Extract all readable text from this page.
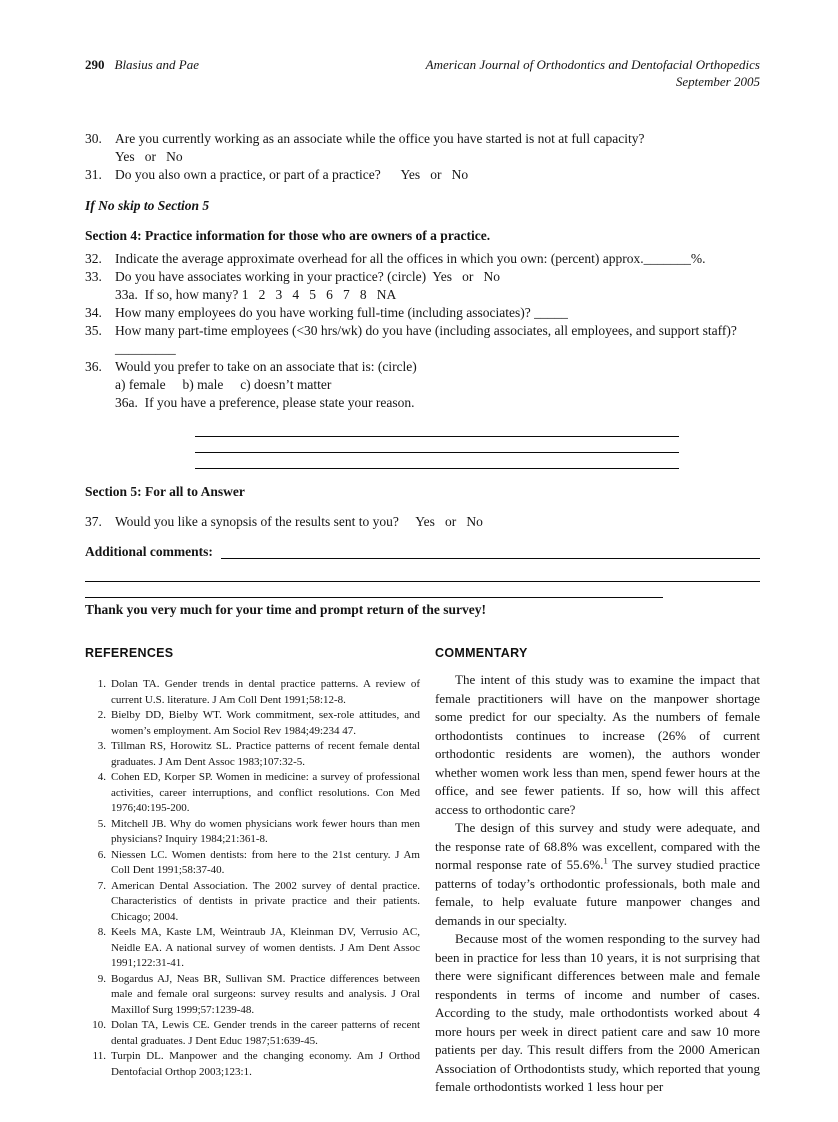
290 Blasius and Pae	American Journal of Orthodontics and Dentofacial Orthopedics
September 2005
30. Are you currently working as an associate while the office you have started is not at full capacity?
Yes   or   No
31. Do you also own a practice, or part of a practice?      Yes   or   No
If No skip to Section 5
Section 4: Practice information for those who are owners of a practice.
32. Indicate the average approximate overhead for all the offices in which you own: (percent) approx._______%.
33. Do you have associates working in your practice? (circle)  Yes   or   No
33a.  If so, how many? 1   2   3   4   5   6   7   8   NA
34. How many employees do you have working full-time (including associates)? _____
35. How many part-time employees (<30 hrs/wk) do you have (including associates, all employees, and support staff)? _________
36. Would you prefer to take on an associate that is: (circle)
a) female     b) male     c) doesn’t matter
36a.  If you have a preference, please state your reason.
Section 5: For all to Answer
37. Would you like a synopsis of the results sent to you?     Yes   or   No
Additional comments:
Thank you very much for your time and prompt return of the survey!
REFERENCES
1. Dolan TA. Gender trends in dental practice patterns. A review of current U.S. literature. J Am Coll Dent 1991;58:12-8.
2. Bielby DD, Bielby WT. Work commitment, sex-role attitudes, and women’s employment. Am Sociol Rev 1984;49:234 47.
3. Tillman RS, Horowitz SL. Practice patterns of recent female dental graduates. J Am Dent Assoc 1983;107:32-5.
4. Cohen ED, Korper SP. Women in medicine: a survey of professional activities, career interruptions, and conflict resolutions. Con Med 1976;40:195-200.
5. Mitchell JB. Why do women physicians work fewer hours than men physicians? Inquiry 1984;21:361-8.
6. Niessen LC. Women dentists: from here to the 21st century. J Am Coll Dent 1991;58:37-40.
7. American Dental Association. The 2002 survey of dental practice. Characteristics of dentists in private practice and their patients. Chicago; 2004.
8. Keels MA, Kaste LM, Weintraub JA, Kleinman DV, Verrusio AC, Neidle EA. A national survey of women dentists. J Am Dent Assoc 1991;122:31-41.
9. Bogardus AJ, Neas BR, Sullivan SM. Practice differences between male and female oral surgeons: survey results and analysis. J Oral Maxillof Surg 1999;57:1239-48.
10. Dolan TA, Lewis CE. Gender trends in the career patterns of recent dental graduates. J Dent Educ 1987;51:639-45.
11. Turpin DL. Manpower and the changing economy. Am J Orthod Dentofacial Orthop 2003;123:1.
COMMENTARY

The intent of this study was to examine the impact that female practitioners will have on the manpower shortage some predict for our specialty. As the numbers of female orthodontists continues to increase (26% of current orthodontic residents are women), the authors wonder whether women work less than men, spend fewer hours at the office, and see fewer patients. If so, how will this affect access to orthodontic care?

The design of this survey and study were adequate, and the response rate of 68.8% was excellent, compared with the normal response rate of 55.6%.$^1$ The survey studied practice patterns of today’s orthodontic professionals, both male and female, to help evaluate future manpower changes and demands in our specialty.

Because most of the women responding to the survey had been in practice for less than 10 years, it is not surprising that there were significant differences between male and female respondents in terms of income and number of cases. According to the study, male orthodontists worked about 4 more hours per week in direct patient care and saw 10 more patients per day. This result differs from the 2000 American Association of Orthodontists study, which reported that young female orthodontists worked 1 less hour per
